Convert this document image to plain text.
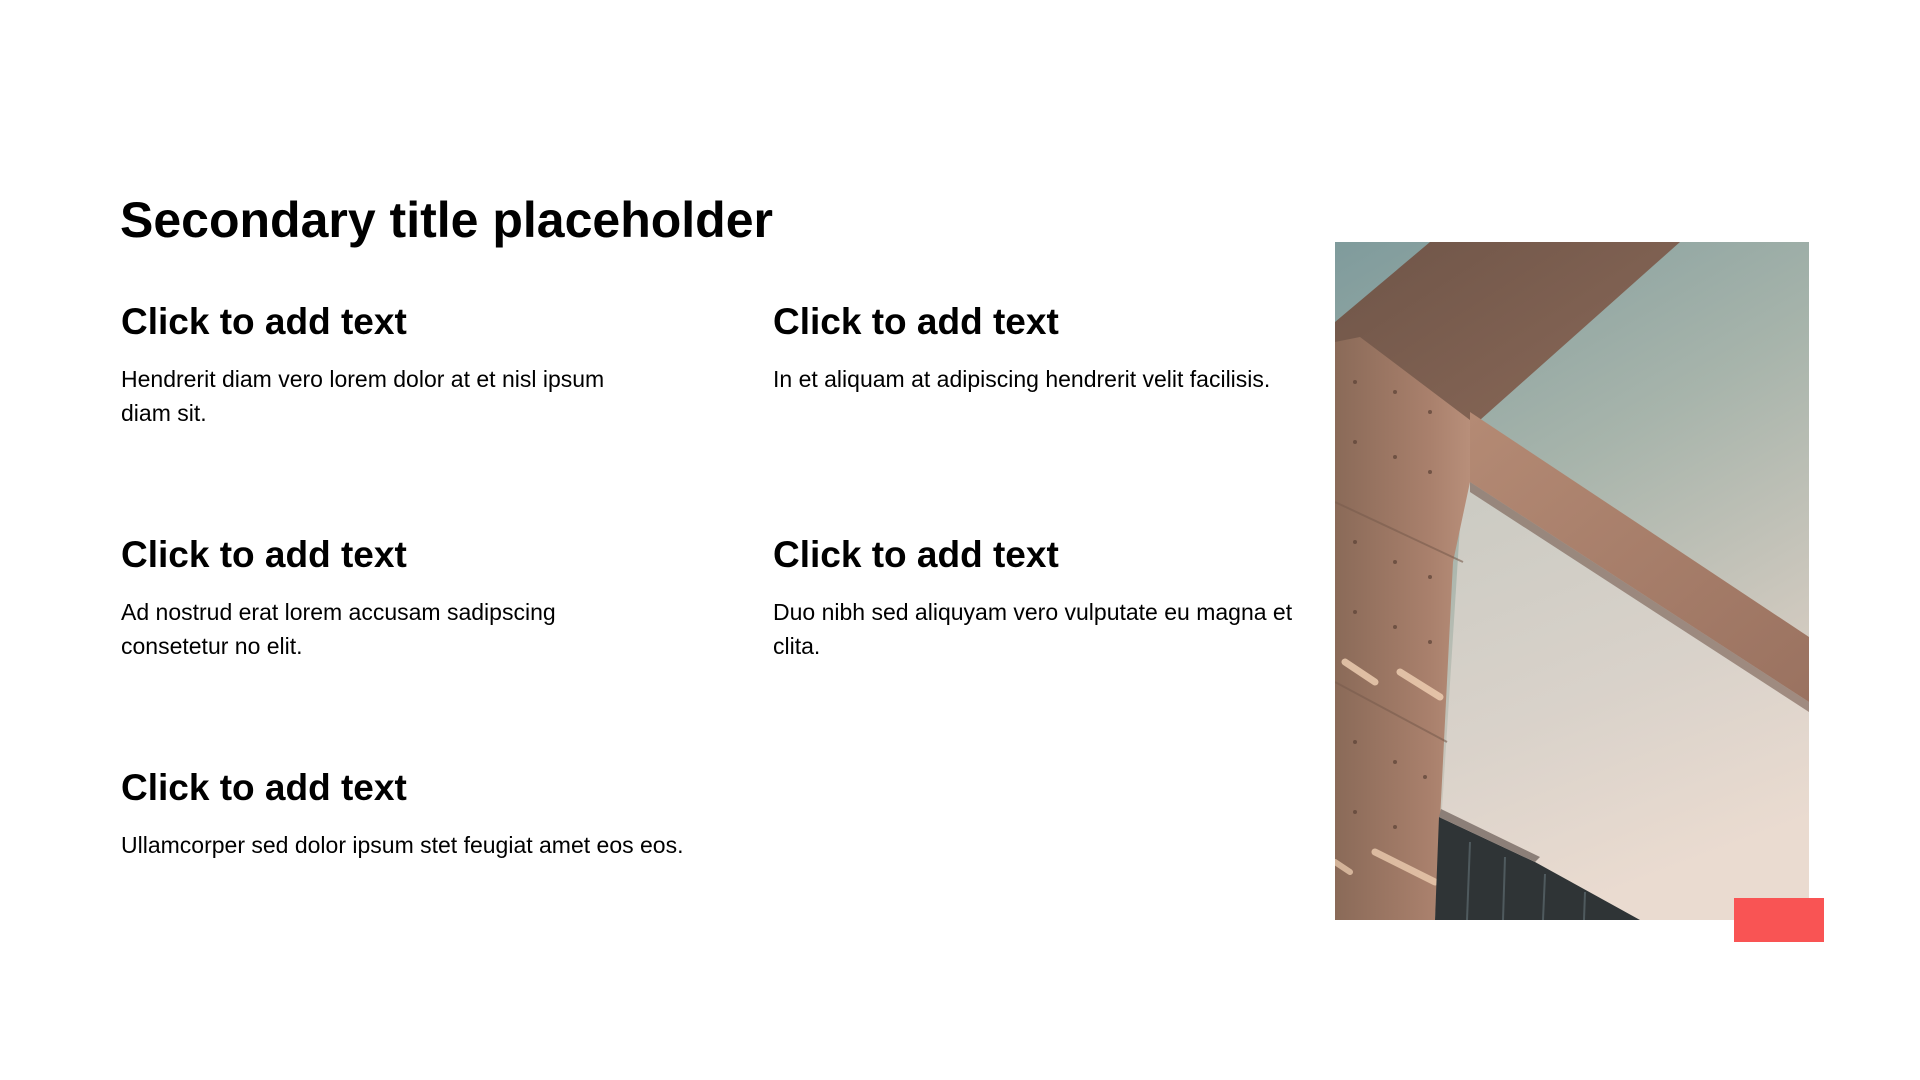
Secondary title placeholder
Click to add text

Hendrerit diam vero lorem dolor at et nisl ipsum diam sit.

Click to add text

In et aliquam at adipiscing hendrerit velit facilisis.

Click to add text

Ad nostrud erat lorem accusam sadipscing consetetur no elit.

Click to add text

Duo nibh sed aliquyam vero vulputate eu magna et clita.

Click to add text

Ullamcorper sed dolor ipsum stet feugiat amet eos eos.
